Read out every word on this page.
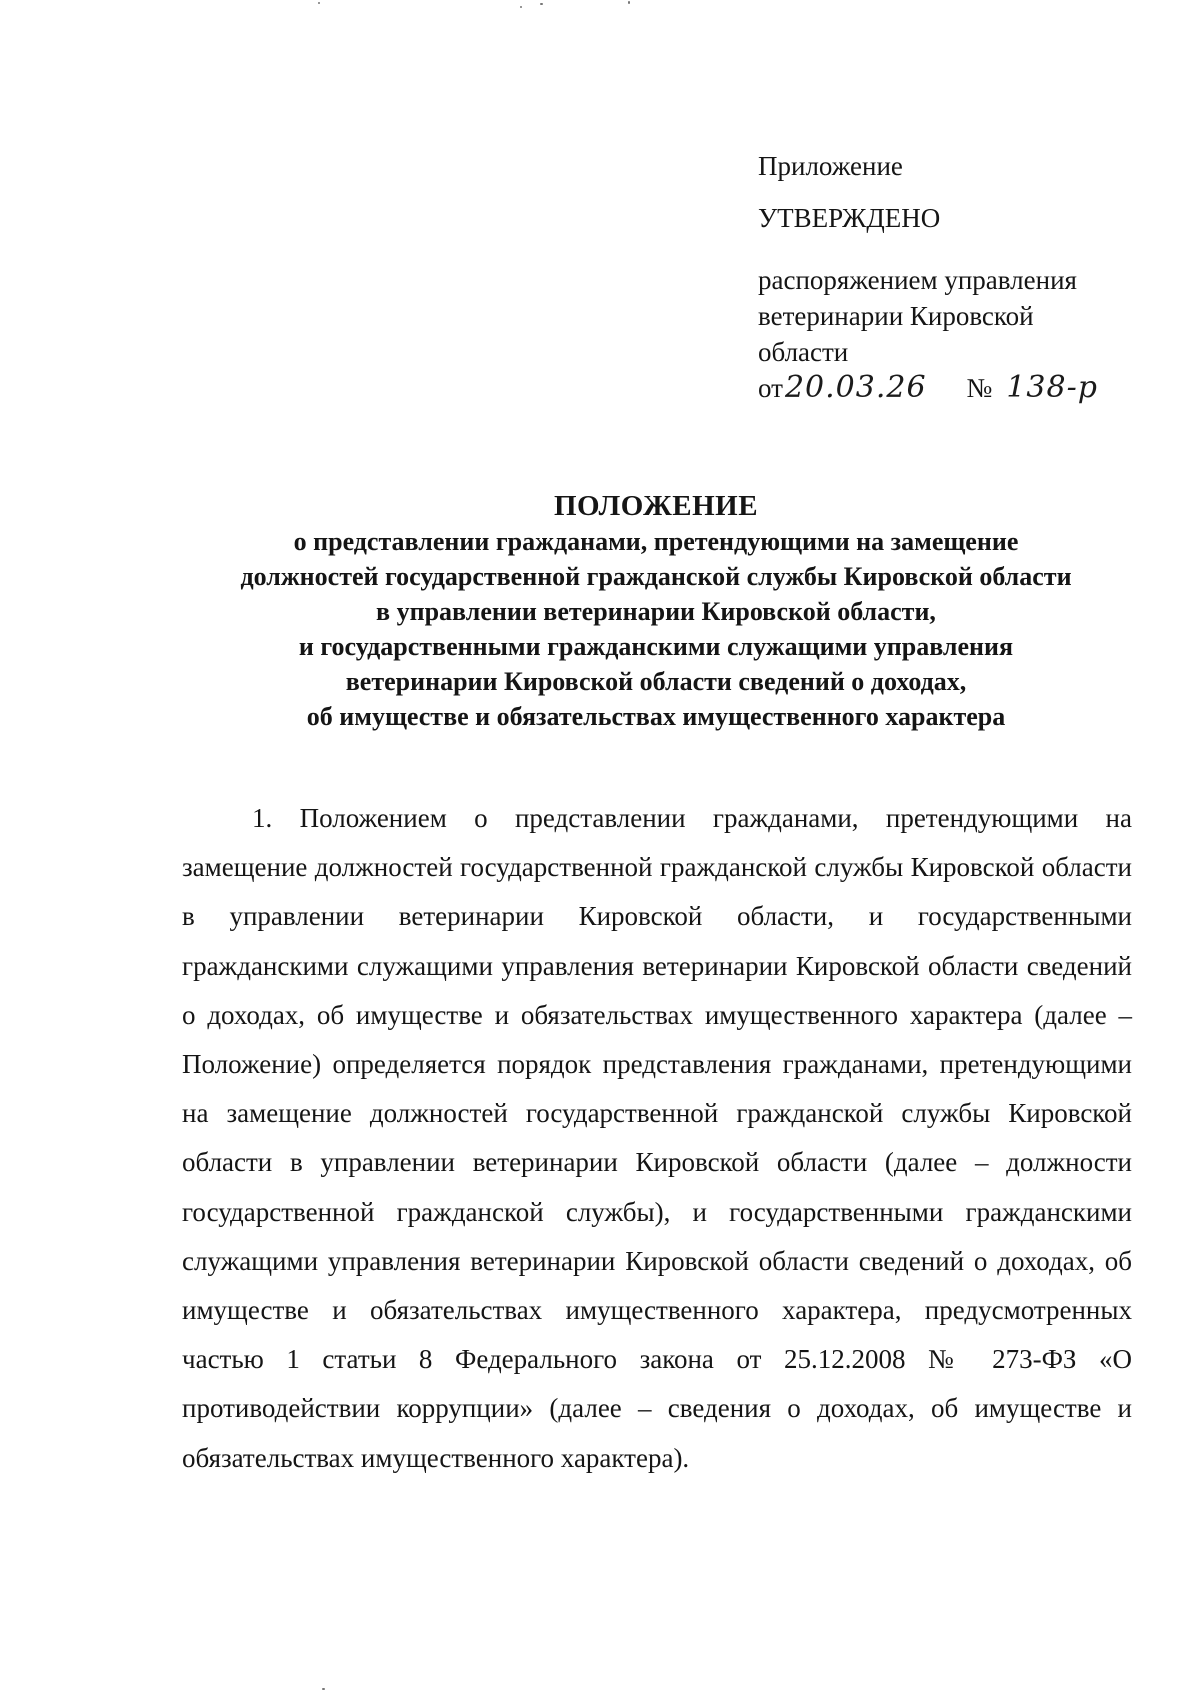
Приложение
УТВЕРЖДЕНО
распоряжением управления
ветеринарии Кировской
области
от20.03.26 № 138-р
ПОЛОЖЕНИЕ
о представлении гражданами, претендующими на замещение
должностей государственной гражданской службы Кировской области
в управлении ветеринарии Кировской области,
и государственными гражданскими служащими управления
ветеринарии Кировской области сведений о доходах,
об имуществе и обязательствах имущественного характера

1. Положением о представлении гражданами, претендующими на замещение должностей государственной гражданской службы Кировской области в управлении ветеринарии Кировской области, и государственными гражданскими служащими управления ветеринарии Кировской области сведений о доходах, об имуществе и обязательствах имущественного характера (далее – Положение) определяется порядок представления гражданами, претендующими на замещение должностей государственной гражданской службы Кировской области в управлении ветеринарии Кировской области (далее – должности государственной гражданской службы), и государственными гражданскими служащими управления ветеринарии Кировской области сведений о доходах, об имуществе и обязательствах имущественного характера, предусмотренных частью 1 статьи 8 Федерального закона от 25.12.2008 № 273-ФЗ «О противодействии коррупции» (далее – сведения о доходах, об имуществе и обязательствах имущественного характера).
